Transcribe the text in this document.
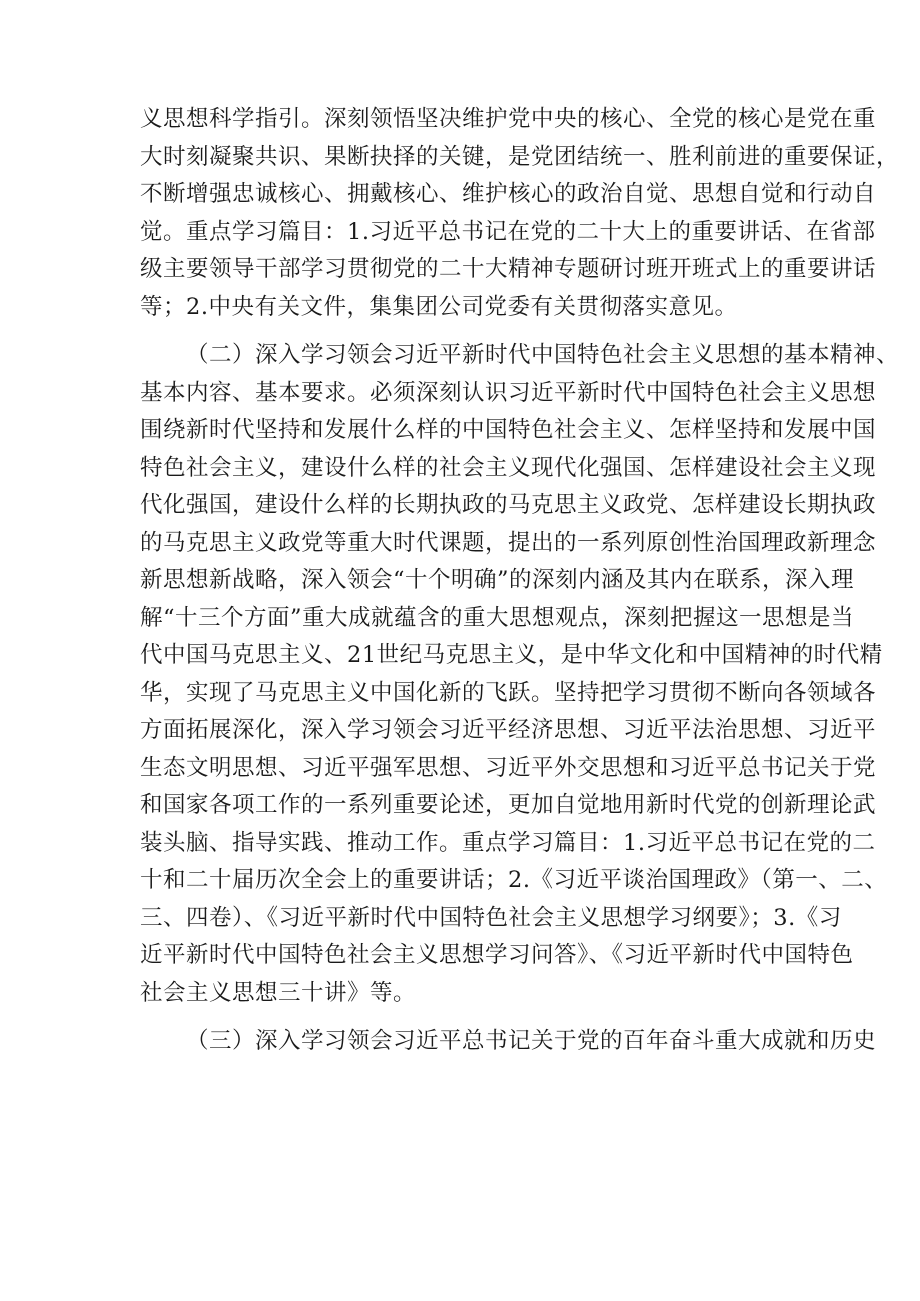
义思想科学指引。深刻领悟坚决维护党中央的核心、全党的核心是党在重
大时刻凝聚共识、果断抉择的关键，是党团结统一、胜利前进的重要保证，
不断增强忠诚核心、拥戴核心、维护核心的政治自觉、思想自觉和行动自
觉。重点学习篇目：1.习近平总书记在党的二十大上的重要讲话、在省部
级主要领导干部学习贯彻党的二十大精神专题研讨班开班式上的重要讲话
等；2.中央有关文件，集集团公司党委有关贯彻落实意见。
（二）深入学习领会习近平新时代中国特色社会主义思想的基本精神、
基本内容、基本要求。必须深刻认识习近平新时代中国特色社会主义思想
围绕新时代坚持和发展什么样的中国特色社会主义、怎样坚持和发展中国
特色社会主义，建设什么样的社会主义现代化强国、怎样建设社会主义现
代化强国，建设什么样的长期执政的马克思主义政党、怎样建设长期执政
的马克思主义政党等重大时代课题，提出的一系列原创性治国理政新理念
新思想新战略，深入领会“十个明确”的深刻内涵及其内在联系，深入理
解“十三个方面”重大成就蕴含的重大思想观点，深刻把握这一思想是当
代中国马克思主义、21世纪马克思主义，是中华文化和中国精神的时代精
华，实现了马克思主义中国化新的飞跃。坚持把学习贯彻不断向各领域各
方面拓展深化，深入学习领会习近平经济思想、习近平法治思想、习近平
生态文明思想、习近平强军思想、习近平外交思想和习近平总书记关于党
和国家各项工作的一系列重要论述，更加自觉地用新时代党的创新理论武
装头脑、指导实践、推动工作。重点学习篇目：1.习近平总书记在党的二
十和二十届历次全会上的重要讲话；2.《习近平谈治国理政》（第一、二、
三、四卷）、《习近平新时代中国特色社会主义思想学习纲要》；3.《习
近平新时代中国特色社会主义思想学习问答》、《习近平新时代中国特色
社会主义思想三十讲》等。
（三）深入学习领会习近平总书记关于党的百年奋斗重大成就和历史
